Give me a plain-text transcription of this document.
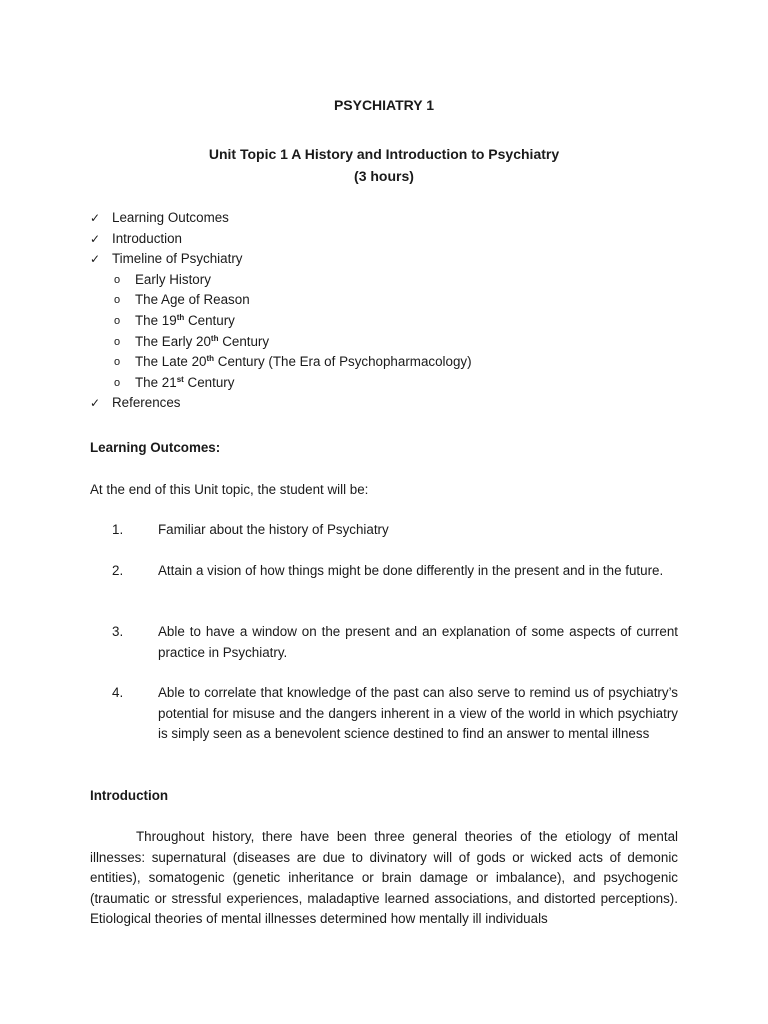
PSYCHIATRY 1
Unit Topic 1 A History and Introduction to Psychiatry
(3 hours)
✓ Learning Outcomes
✓ Introduction
✓ Timeline of Psychiatry
o	Early History
o	The Age of Reason
o	The 19th Century
o	The Early 20th Century
o	The Late 20th Century (The Era of Psychopharmacology)
o	The 21st Century
✓ References
Learning Outcomes:
At the end of this Unit topic, the student will be:
1.	Familiar about the history of Psychiatry
2.	Attain a vision of how things might be done differently in the present and in the future.
3.	Able to have a window on the present and an explanation of some aspects of current practice in Psychiatry.
4.	Able to correlate that knowledge of the past can also serve to remind us of psychiatry’s potential for misuse and the dangers inherent in a view of the world in which psychiatry is simply seen as a benevolent science destined to find an answer to mental illness
Introduction
Throughout history, there have been three general theories of the etiology of mental illnesses: supernatural (diseases are due to divinatory will of gods or wicked acts of demonic entities), somatogenic (genetic inheritance or brain damage or imbalance), and psychogenic (traumatic or stressful experiences, maladaptive learned associations, and distorted perceptions). Etiological theories of mental illnesses determined how mentally ill individuals
